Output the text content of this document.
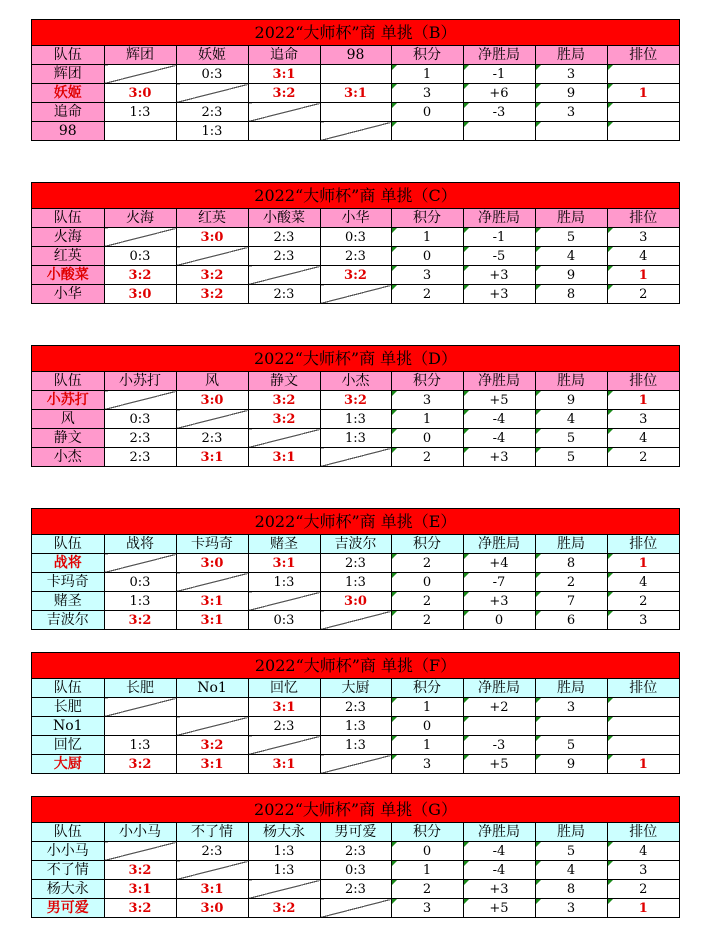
2022“大师杯”商 单挑（B）
队伍	辉团	妖姬	追命	98	积分	净胜局	胜局	排位
辉团		0:3	3:1		1	-1	3	
妖姬	3:0		3:2	3:1	3	+6	9	1
追命	1:3	2:3			0	-3	3	
98		1:3						
2022“大师杯”商 单挑（C）
队伍	火海	红英	小酸菜	小华	积分	净胜局	胜局	排位
火海		3:0	2:3	0:3	1	-1	5	3
红英	0:3		2:3	2:3	0	-5	4	4
小酸菜	3:2	3:2		3:2	3	+3	9	1
小华	3:0	3:2	2:3		2	+3	8	2
2022“大师杯”商 单挑（D）
队伍	小苏打	风	静文	小杰	积分	净胜局	胜局	排位
小苏打		3:0	3:2	3:2	3	+5	9	1
风	0:3		3:2	1:3	1	-4	4	3
静文	2:3	2:3		1:3	0	-4	5	4
小杰	2:3	3:1	3:1		2	+3	5	2
2022“大师杯”商 单挑（E）
队伍	战将	卡玛奇	赌圣	吉波尔	积分	净胜局	胜局	排位
战将		3:0	3:1	2:3	2	+4	8	1
卡玛奇	0:3		1:3	1:3	0	-7	2	4
赌圣	1:3	3:1		3:0	2	+3	7	2
吉波尔	3:2	3:1	0:3		2	0	6	3
2022“大师杯”商 单挑（F）
队伍	长肥	No1	回忆	大厨	积分	净胜局	胜局	排位
长肥			3:1	2:3	1	+2	3	
No1			2:3	1:3	0			
回忆	1:3	3:2		1:3	1	-3	5	
大厨	3:2	3:1	3:1		3	+5	9	1
2022“大师杯”商 单挑（G）
队伍	小小马	不了情	杨大永	男可爱	积分	净胜局	胜局	排位
小小马		2:3	1:3	2:3	0	-4	5	4
不了情	3:2		1:3	0:3	1	-4	4	3
杨大永	3:1	3:1		2:3	2	+3	8	2
男可爱	3:2	3:0	3:2		3	+5	3	1
